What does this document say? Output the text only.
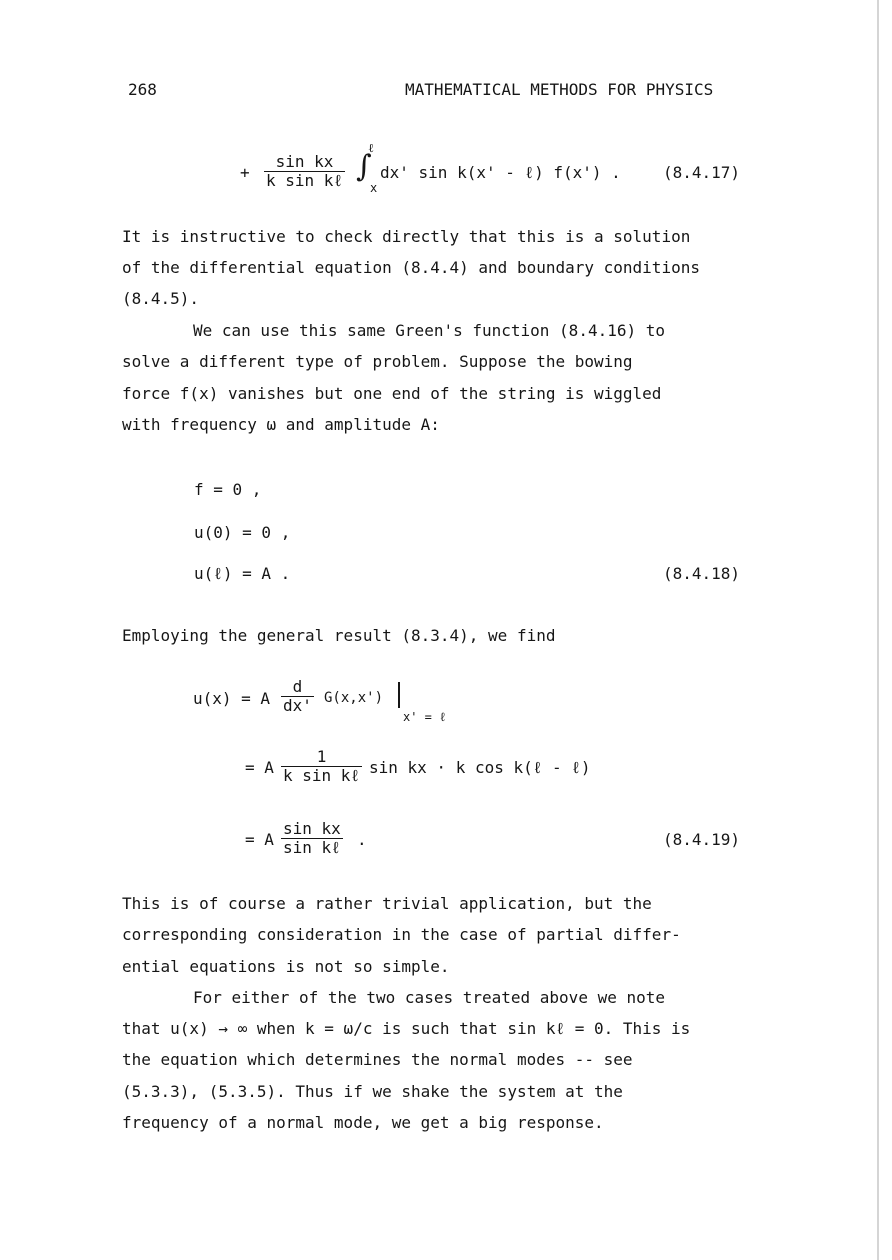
268	MATHEMATICAL METHODS FOR PHYSICS
+
sin kx
k sin kℓ
ℓ
∫
x
dx' sin k(x' - ℓ) f(x') .	(8.4.17)
It is instructive to check directly that this is a solution
of the differential equation (8.4.4) and boundary conditions
(8.4.5).
We can use this same Green's function (8.4.16) to
solve a different type of problem. Suppose the bowing
force f(x) vanishes but one end of the string is wiggled
with frequency ω and amplitude A:
f = 0 ,
u(0) = 0 ,
u(ℓ) = A .	(8.4.18)
Employing the general result (8.3.4), we find
u(x) = A $\frac{d}{dx'} G(x,x')$
x' = ℓ
= A
1
k sin kℓ sin kx · k cos k(ℓ - ℓ)
= A
sin kx
sin kℓ .	(8.4.19)
This is of course a rather trivial application, but the
corresponding consideration in the case of partial differ-
ential equations is not so simple.
For either of the two cases treated above we note
that u(x) → ∞ when k = ω/c is such that sin kℓ = 0. This is
the equation which determines the normal modes -- see
(5.3.3), (5.3.5). Thus if we shake the system at the
frequency of a normal mode, we get a big response.
